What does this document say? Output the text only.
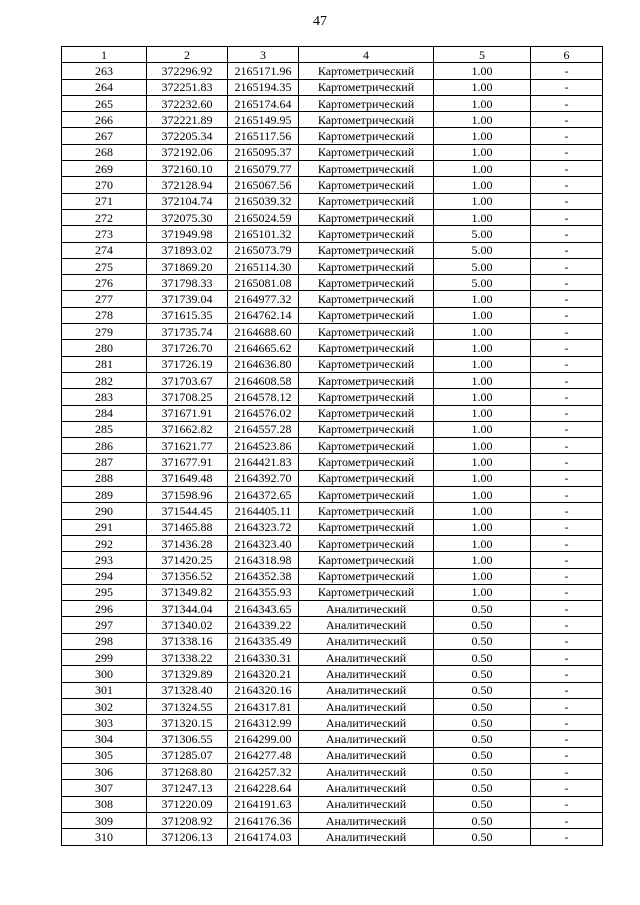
47
1	2	3	4	5	6
263	372296.92	2165171.96	Картометрический	1.00	-
264	372251.83	2165194.35	Картометрический	1.00	-
265	372232.60	2165174.64	Картометрический	1.00	-
266	372221.89	2165149.95	Картометрический	1.00	-
267	372205.34	2165117.56	Картометрический	1.00	-
268	372192.06	2165095.37	Картометрический	1.00	-
269	372160.10	2165079.77	Картометрический	1.00	-
270	372128.94	2165067.56	Картометрический	1.00	-
271	372104.74	2165039.32	Картометрический	1.00	-
272	372075.30	2165024.59	Картометрический	1.00	-
273	371949.98	2165101.32	Картометрический	5.00	-
274	371893.02	2165073.79	Картометрический	5.00	-
275	371869.20	2165114.30	Картометрический	5.00	-
276	371798.33	2165081.08	Картометрический	5.00	-
277	371739.04	2164977.32	Картометрический	1.00	-
278	371615.35	2164762.14	Картометрический	1.00	-
279	371735.74	2164688.60	Картометрический	1.00	-
280	371726.70	2164665.62	Картометрический	1.00	-
281	371726.19	2164636.80	Картометрический	1.00	-
282	371703.67	2164608.58	Картометрический	1.00	-
283	371708.25	2164578.12	Картометрический	1.00	-
284	371671.91	2164576.02	Картометрический	1.00	-
285	371662.82	2164557.28	Картометрический	1.00	-
286	371621.77	2164523.86	Картометрический	1.00	-
287	371677.91	2164421.83	Картометрический	1.00	-
288	371649.48	2164392.70	Картометрический	1.00	-
289	371598.96	2164372.65	Картометрический	1.00	-
290	371544.45	2164405.11	Картометрический	1.00	-
291	371465.88	2164323.72	Картометрический	1.00	-
292	371436.28	2164323.40	Картометрический	1.00	-
293	371420.25	2164318.98	Картометрический	1.00	-
294	371356.52	2164352.38	Картометрический	1.00	-
295	371349.82	2164355.93	Картометрический	1.00	-
296	371344.04	2164343.65	Аналитический	0.50	-
297	371340.02	2164339.22	Аналитический	0.50	-
298	371338.16	2164335.49	Аналитический	0.50	-
299	371338.22	2164330.31	Аналитический	0.50	-
300	371329.89	2164320.21	Аналитический	0.50	-
301	371328.40	2164320.16	Аналитический	0.50	-
302	371324.55	2164317.81	Аналитический	0.50	-
303	371320.15	2164312.99	Аналитический	0.50	-
304	371306.55	2164299.00	Аналитический	0.50	-
305	371285.07	2164277.48	Аналитический	0.50	-
306	371268.80	2164257.32	Аналитический	0.50	-
307	371247.13	2164228.64	Аналитический	0.50	-
308	371220.09	2164191.63	Аналитический	0.50	-
309	371208.92	2164176.36	Аналитический	0.50	-
310	371206.13	2164174.03	Аналитический	0.50	-
